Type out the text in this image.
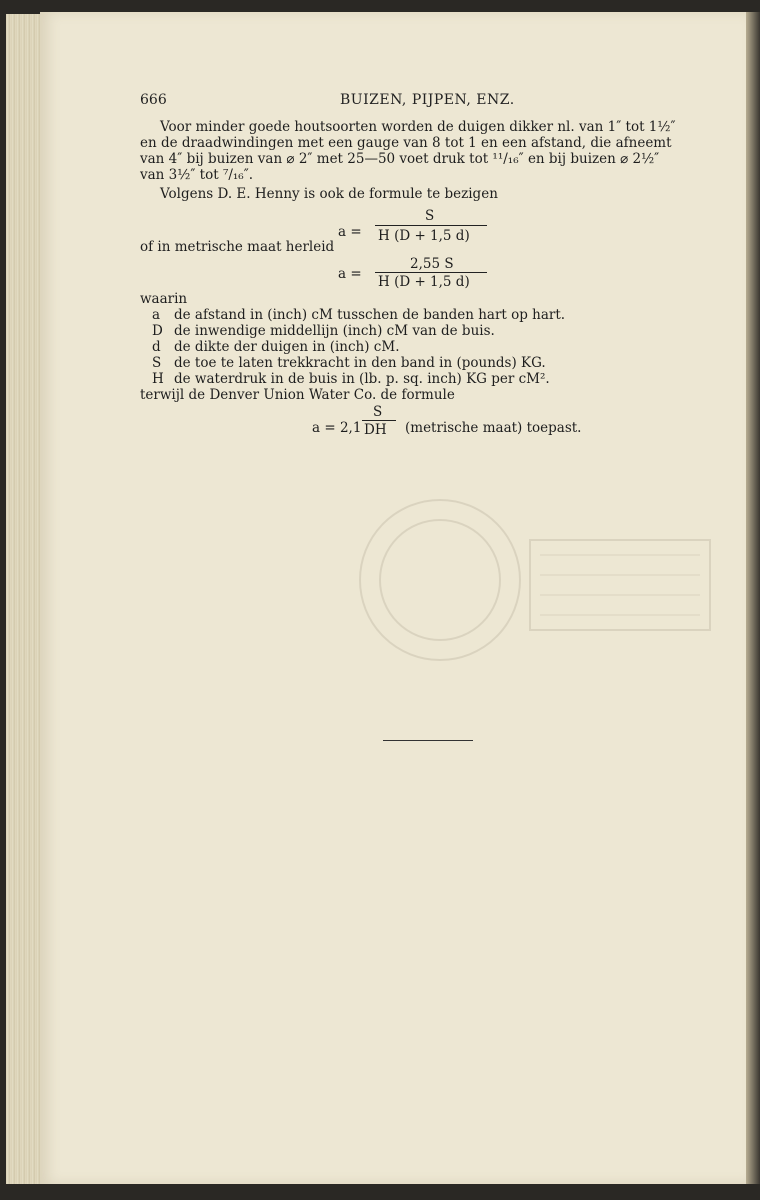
666	BUIZEN, PIJPEN, ENZ.
Voor minder goede houtsoorten worden de duigen dikker nl. van 1″ tot 1½″
en de draadwindingen met een gauge van 8 tot 1 en een afstand, die afneemt
van 4″ bij buizen van ⌀ 2″ met 25—50 voet druk tot ¹¹/₁₆″ en bij buizen ⌀ 2½″
van 3½″ tot ⁷/₁₆″.
Volgens D. E. Henny is ook de formule te bezigen
a =
S
H (D + 1,5 d)
of in metrische maat herleid
a =
2,55 S
H (D + 1,5 d)
waarin
a de afstand in (inch) cM tusschen de banden hart op hart.
D de inwendige middellijn (inch) cM van de buis.
d de dikte der duigen in (inch) cM.
S de toe te laten trekkracht in den band in (pounds) KG.
H de waterdruk in de buis in (lb. p. sq. inch) KG per cM².
terwijl de Denver Union Water Co. de formule
a = 2,1
S
DH (metrische maat) toepast.
